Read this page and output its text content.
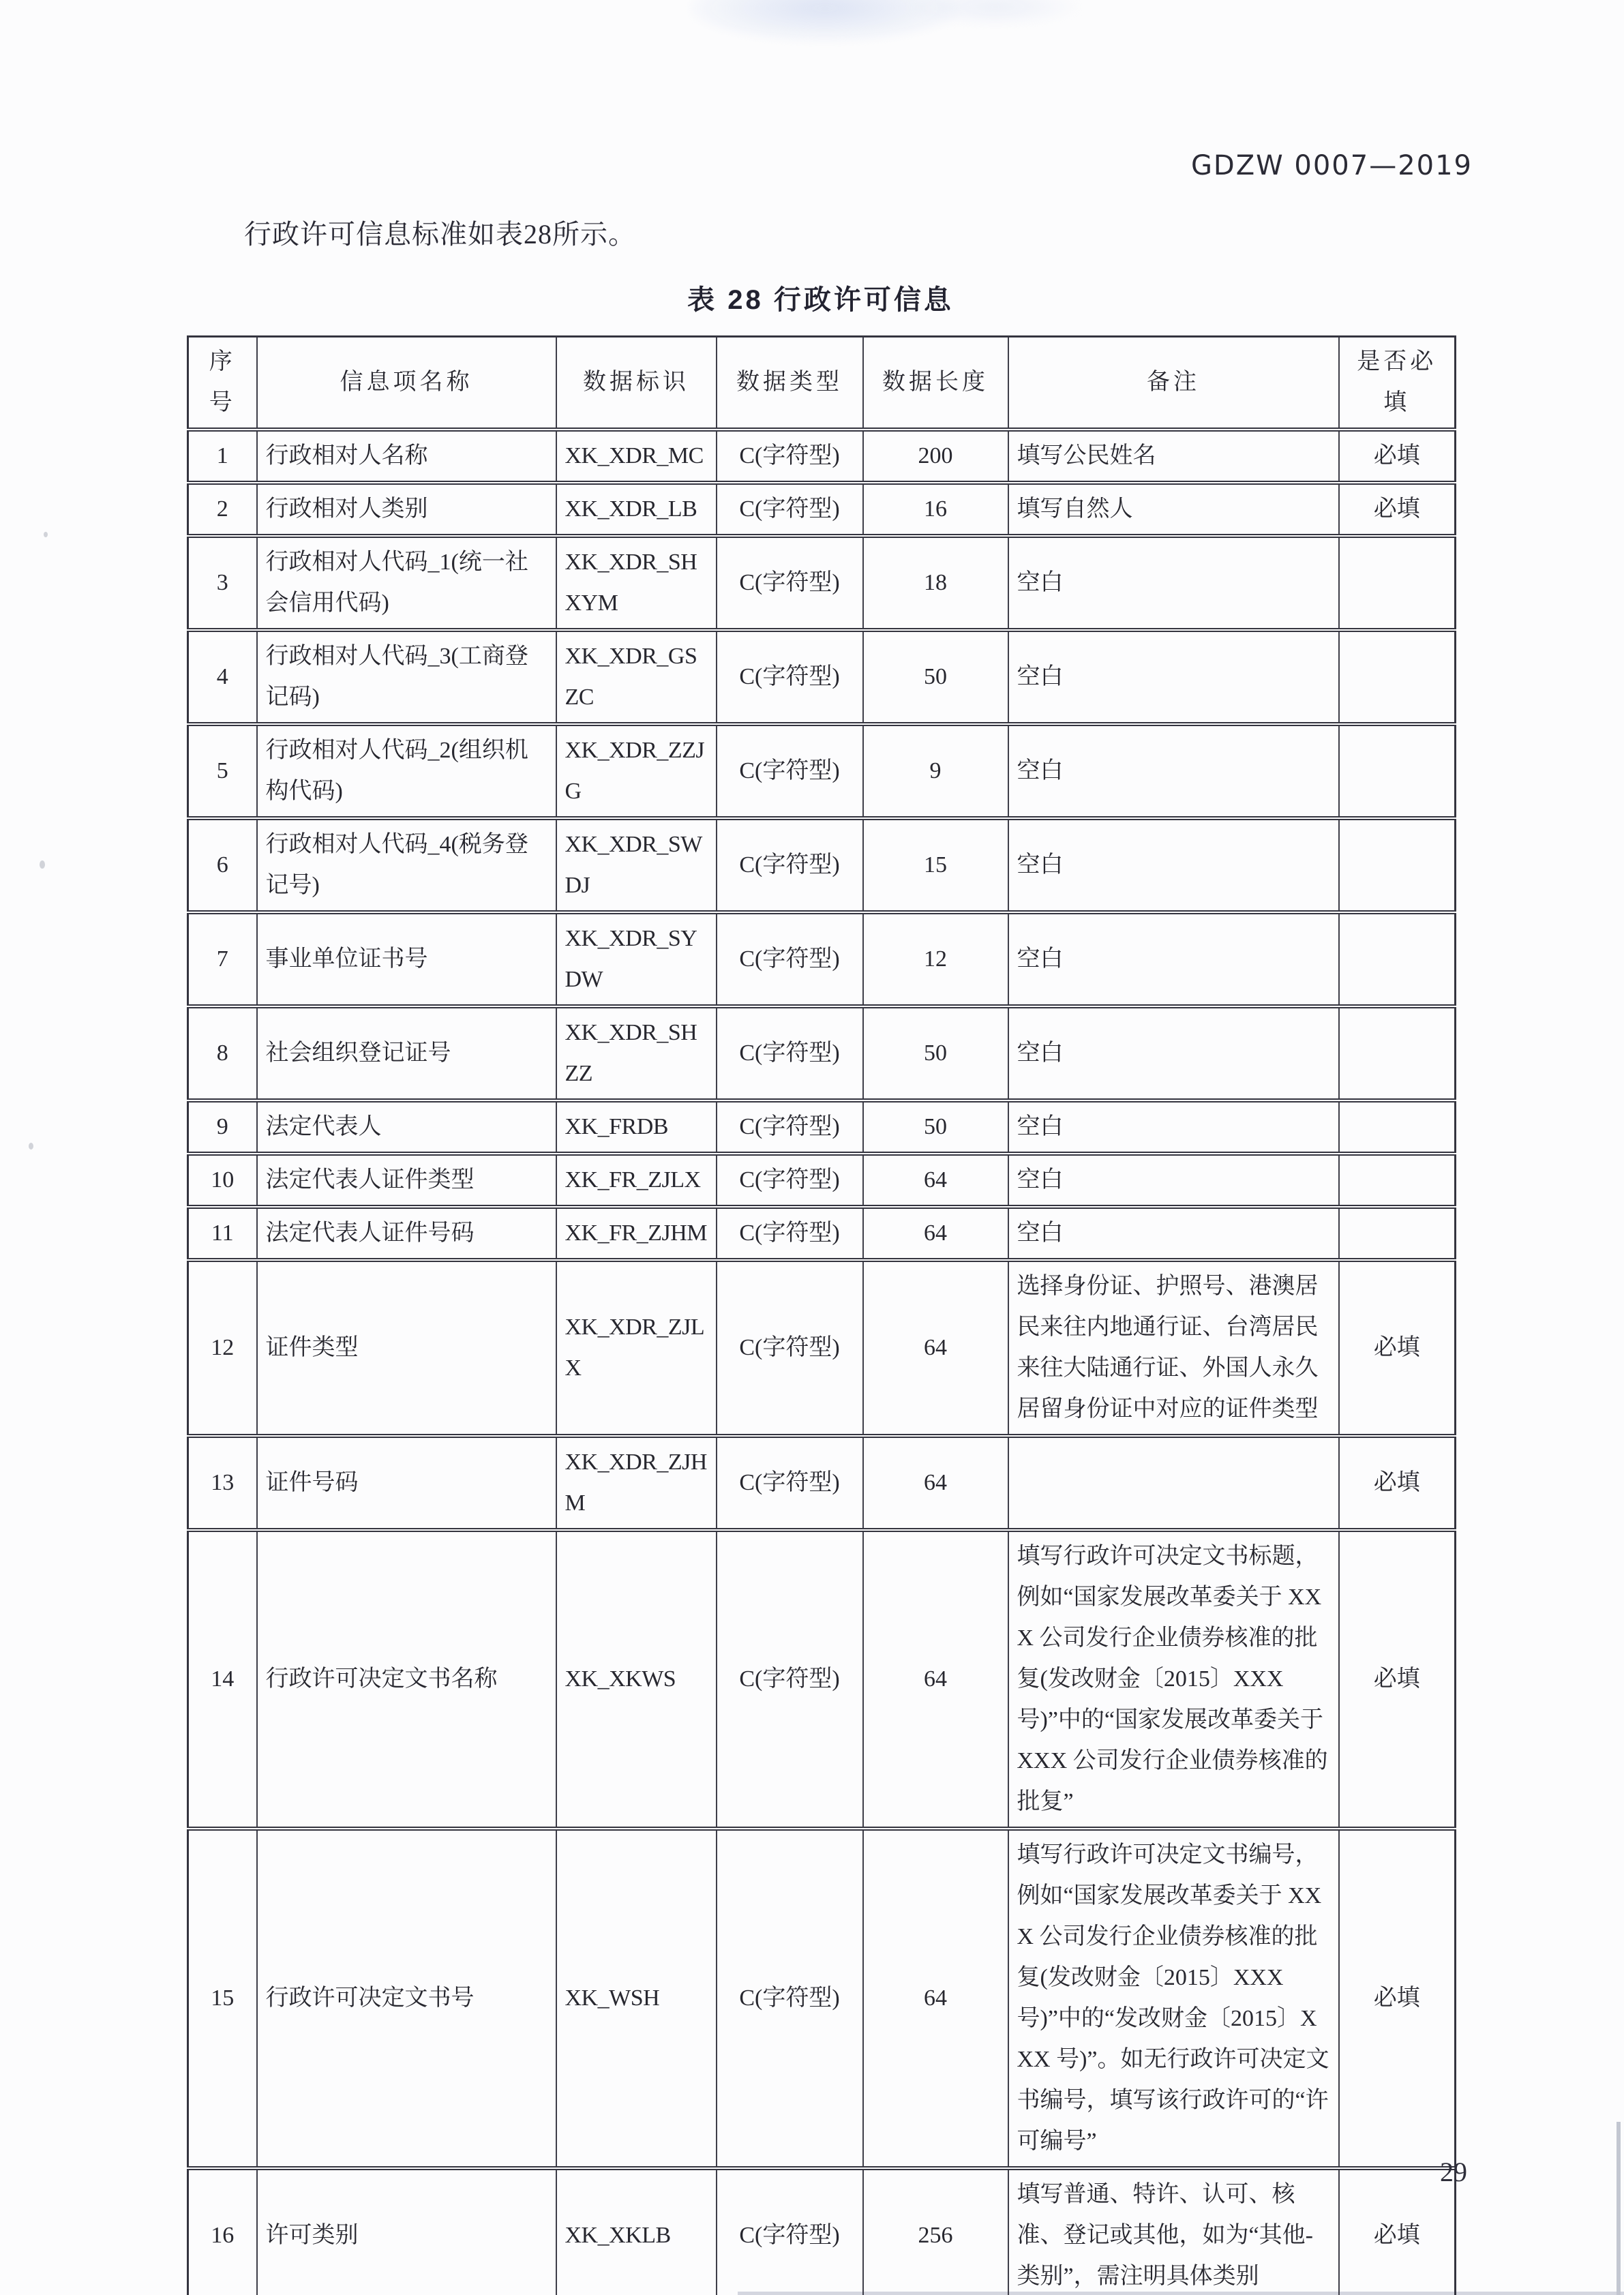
GDZW 0007—2019
行政许可信息标准如表28所示。
表 28 行政许可信息
序号	信息项名称	数据标识	数据类型	数据长度	备注	是否必填
1	行政相对人名称	XK_XDR_MC	C(字符型)	200	填写公民姓名	必填
2	行政相对人类别	XK_XDR_LB	C(字符型)	16	填写自然人	必填
3	行政相对人代码_1(统一社会信用代码)	XK_XDR_SHXYM	C(字符型)	18	空白	
4	行政相对人代码_3(工商登记码)	XK_XDR_GSZC	C(字符型)	50	空白	
5	行政相对人代码_2(组织机构代码)	XK_XDR_ZZJG	C(字符型)	9	空白	
6	行政相对人代码_4(税务登记号)	XK_XDR_SWDJ	C(字符型)	15	空白	
7	事业单位证书号	XK_XDR_SYDW	C(字符型)	12	空白	
8	社会组织登记证号	XK_XDR_SHZZ	C(字符型)	50	空白	
9	法定代表人	XK_FRDB	C(字符型)	50	空白	
10	法定代表人证件类型	XK_FR_ZJLX	C(字符型)	64	空白	
11	法定代表人证件号码	XK_FR_ZJHM	C(字符型)	64	空白	
12	证件类型	XK_XDR_ZJLX	C(字符型)	64	选择身份证、护照号、港澳居民来往内地通行证、台湾居民来往大陆通行证、外国人永久居留身份证中对应的证件类型	必填
13	证件号码	XK_XDR_ZJHM	C(字符型)	64		必填
14	行政许可决定文书名称	XK_XKWS	C(字符型)	64	填写行政许可决定文书标题，例如“国家发展改革委关于 XXX 公司发行企业债券核准的批复(发改财金〔2015〕XXX 号)”中的“国家发展改革委关于 XXX 公司发行企业债券核准的批复”	必填
15	行政许可决定文书号	XK_WSH	C(字符型)	64	填写行政许可决定文书编号，例如“国家发展改革委关于 XXX 公司发行企业债券核准的批复(发改财金〔2015〕XXX 号)”中的“发改财金〔2015〕XXX 号)”。如无行政许可决定文书编号，填写该行政许可的“许可编号”	必填
16	许可类别	XK_XKLB	C(字符型)	256	填写普通、特许、认可、核准、登记或其他，如为“其他-类别”，需注明具体类别	必填
29
